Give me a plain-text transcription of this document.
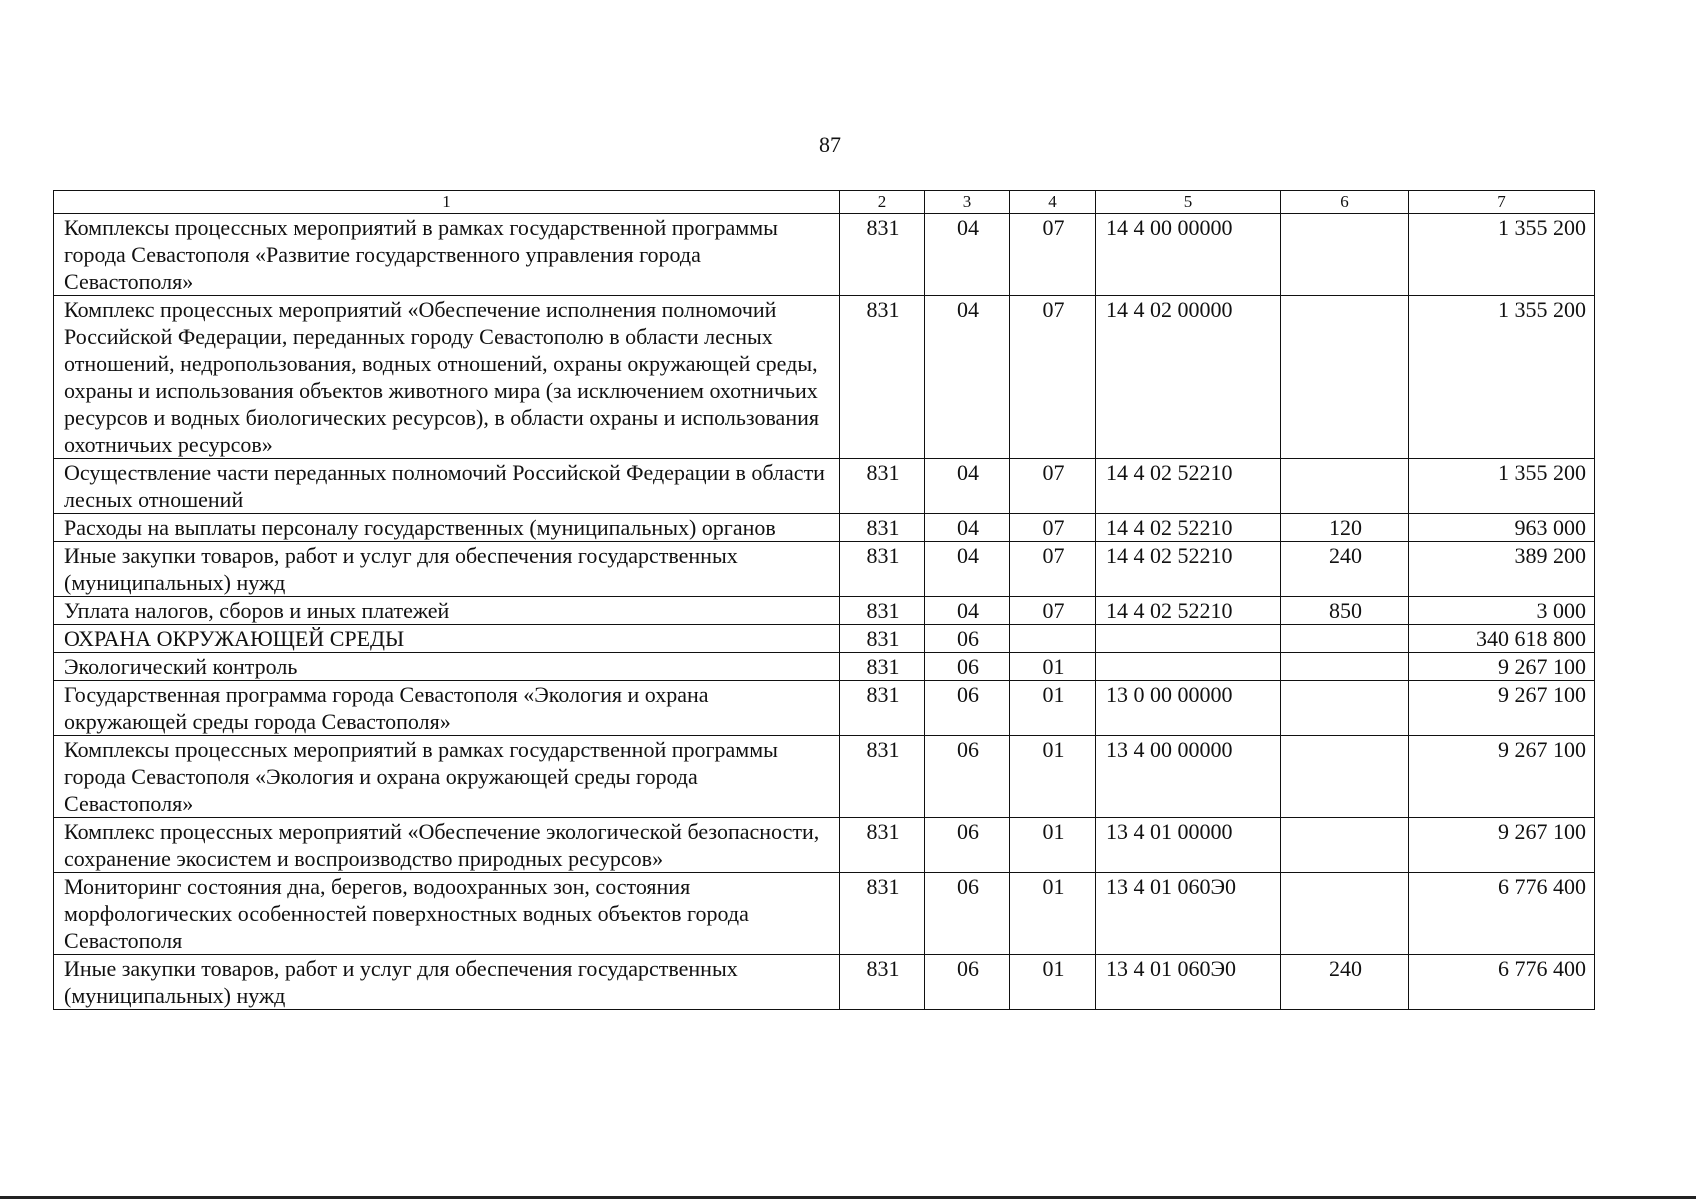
87
1	2	3	4	5	6	7
Комплексы процессных мероприятий в рамках государственной программы города Севастополя «Развитие государственного управления города Севастополя»	831	04	07	14 4 00 00000		1 355 200
Комплекс процессных мероприятий «Обеспечение исполнения полномочий Российской Федерации, переданных городу Севастополю в области лесных отношений, недропользования, водных отношений, охраны окружающей среды, охраны и использования объектов животного мира (за исключением охотничьих ресурсов и водных биологических ресурсов), в области охраны и использования охотничьих ресурсов»	831	04	07	14 4 02 00000		1 355 200
Осуществление части переданных полномочий Российской Федерации в области лесных отношений	831	04	07	14 4 02 52210		1 355 200
Расходы на выплаты персоналу государственных (муниципальных) органов	831	04	07	14 4 02 52210	120	963 000
Иные закупки товаров, работ и услуг для обеспечения государственных (муниципальных) нужд	831	04	07	14 4 02 52210	240	389 200
Уплата налогов, сборов и иных платежей	831	04	07	14 4 02 52210	850	3 000
ОХРАНА ОКРУЖАЮЩЕЙ СРЕДЫ	831	06				340 618 800
Экологический контроль	831	06	01			9 267 100
Государственная программа города Севастополя «Экология и охрана окружающей среды города Севастополя»	831	06	01	13 0 00 00000		9 267 100
Комплексы процессных мероприятий в рамках государственной программы города Севастополя «Экология и охрана окружающей среды города Севастополя»	831	06	01	13 4 00 00000		9 267 100
Комплекс процессных мероприятий «Обеспечение экологической безопасности, сохранение экосистем и воспроизводство природных ресурсов»	831	06	01	13 4 01 00000		9 267 100
Мониторинг состояния дна, берегов, водоохранных зон, состояния морфологических особенностей поверхностных водных объектов города Севастополя	831	06	01	13 4 01 060Э0		6 776 400
Иные закупки товаров, работ и услуг для обеспечения государственных (муниципальных) нужд	831	06	01	13 4 01 060Э0	240	6 776 400
